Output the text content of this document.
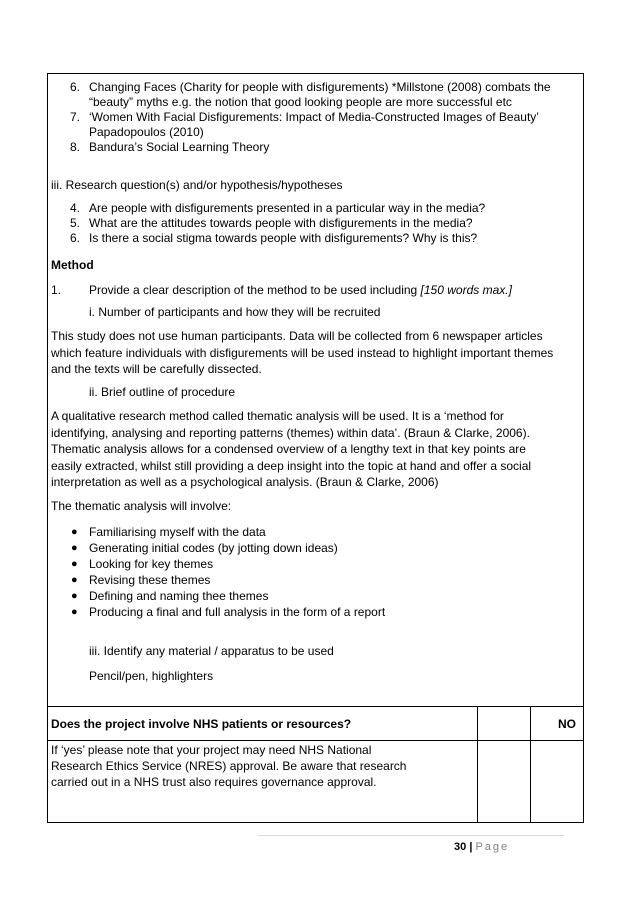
6. Changing Faces (Charity for people with disfigurements) *Millstone (2008) combats the
“beauty” myths e.g. the notion that good looking people are more successful etc
7. ‘Women With Facial Disfigurements: Impact of Media-Constructed Images of Beauty’
Papadopoulos (2010)
8. Bandura’s Social Learning Theory
iii. Research question(s) and/or hypothesis/hypotheses
4. Are people with disfigurements presented in a particular way in the media?
5. What are the attitudes towards people with disfigurements in the media?
6. Is there a social stigma towards people with disfigurements? Why is this?
Method
1. Provide a clear description of the method to be used including [150 words max.]
i. Number of participants and how they will be recruited
This study does not use human participants. Data will be collected from 6 newspaper articles
which feature individuals with disfigurements will be used instead to highlight important themes
and the texts will be carefully dissected.
ii. Brief outline of procedure
A qualitative research method called thematic analysis will be used. It is a ‘method for
identifying, analysing and reporting patterns (themes) within data’. (Braun & Clarke, 2006).
Thematic analysis allows for a condensed overview of a lengthy text in that key points are
easily extracted, whilst still providing a deep insight into the topic at hand and offer a social
interpretation as well as a psychological analysis. (Braun & Clarke, 2006)
The thematic analysis will involve:
● Familiarising myself with the data
● Generating initial codes (by jotting down ideas)
● Looking for key themes
● Revising these themes
● Defining and naming thee themes
● Producing a final and full analysis in the form of a report
iii. Identify any material / apparatus to be used
Pencil/pen, highlighters
Does the project involve NHS patients or resources?	NO
If ‘yes’ please note that your project may need NHS National
Research Ethics Service (NRES) approval. Be aware that research
carried out in a NHS trust also requires governance approval.
30 | Page
